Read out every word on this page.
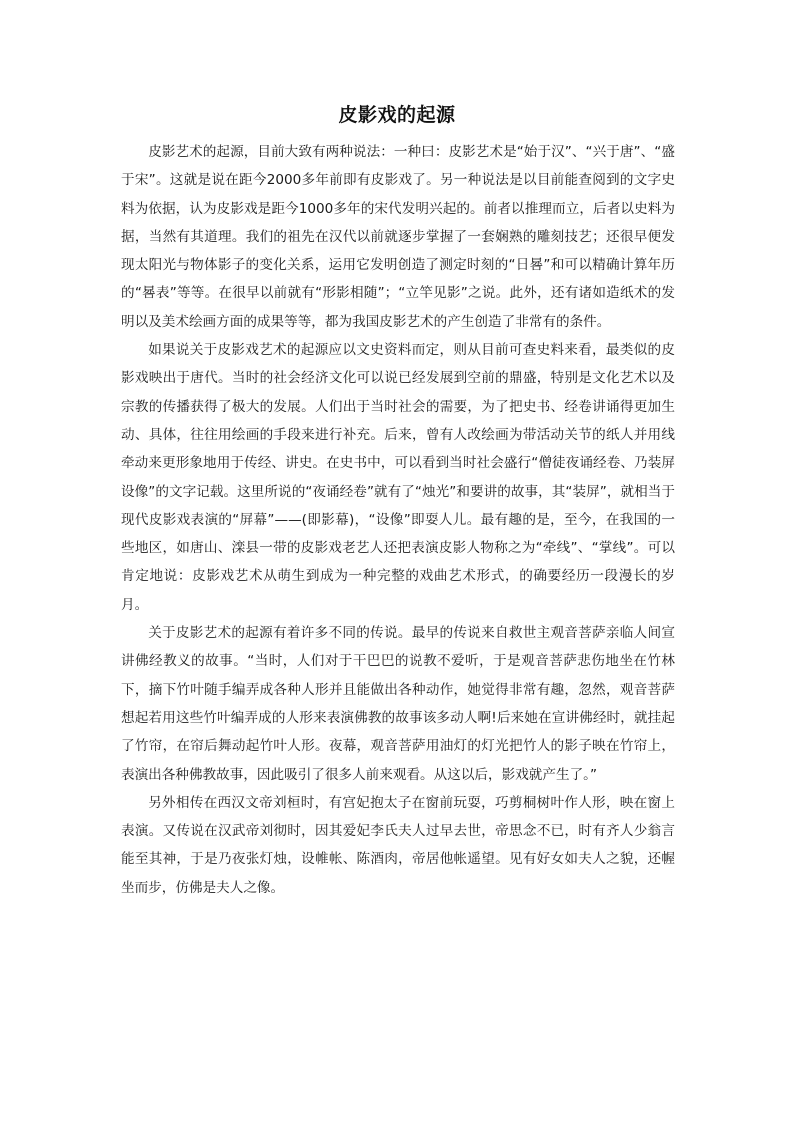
皮影戏的起源

皮影艺术的起源，目前大致有两种说法：一种曰：皮影艺术是“始于汉”、“兴于唐”、“盛于宋”。这就是说在距今2000多年前即有皮影戏了。另一种说法是以目前能查阅到的文字史料为依据，认为皮影戏是距今1000多年的宋代发明兴起的。前者以推理而立，后者以史料为据，当然有其道理。我们的祖先在汉代以前就逐步掌握了一套娴熟的雕刻技艺；还很早便发现太阳光与物体影子的变化关系，运用它发明创造了测定时刻的“日晷”和可以精确计算年历的“晷表”等等。在很早以前就有“形影相随”；“立竿见影”之说。此外，还有诸如造纸术的发明以及美术绘画方面的成果等等，都为我国皮影艺术的产生创造了非常有的条件。

如果说关于皮影戏艺术的起源应以文史资料而定，则从目前可查史料来看，最类似的皮影戏映出于唐代。当时的社会经济文化可以说已经发展到空前的鼎盛，特别是文化艺术以及宗教的传播获得了极大的发展。人们出于当时社会的需要，为了把史书、经卷讲诵得更加生动、具体，往往用绘画的手段来进行补充。后来，曾有人改绘画为带活动关节的纸人并用线牵动来更形象地用于传经、讲史。在史书中，可以看到当时社会盛行“僧徒夜诵经卷、乃装屏设像”的文字记载。这里所说的“夜诵经卷”就有了“烛光”和要讲的故事，其“装屏”，就相当于现代皮影戏表演的“屏幕”——(即影幕)，“设像”即耍人儿。最有趣的是，至今，在我国的一些地区，如唐山、滦县一带的皮影戏老艺人还把表演皮影人物称之为“牵线”、“掌线”。可以肯定地说：皮影戏艺术从萌生到成为一种完整的戏曲艺术形式，的确要经历一段漫长的岁月。

关于皮影艺术的起源有着许多不同的传说。最早的传说来自救世主观音菩萨亲临人间宣讲佛经教义的故事。“当时，人们对于干巴巴的说教不爱听，于是观音菩萨悲伤地坐在竹林下，摘下竹叶随手编弄成各种人形并且能做出各种动作，她觉得非常有趣，忽然，观音菩萨想起若用这些竹叶编弄成的人形来表演佛教的故事该多动人啊!后来她在宣讲佛经时，就挂起了竹帘，在帘后舞动起竹叶人形。夜幕，观音菩萨用油灯的灯光把竹人的影子映在竹帘上，表演出各种佛教故事，因此吸引了很多人前来观看。从这以后，影戏就产生了。”

另外相传在西汉文帝刘桓时，有宫妃抱太子在窗前玩耍，巧剪桐树叶作人形，映在窗上表演。又传说在汉武帝刘彻时，因其爱妃李氏夫人过早去世，帝思念不已，时有齐人少翁言能至其神，于是乃夜张灯烛，设帷帐、陈酒肉，帝居他帐遥望。见有好女如夫人之貌，还幄坐而步，仿佛是夫人之像。
